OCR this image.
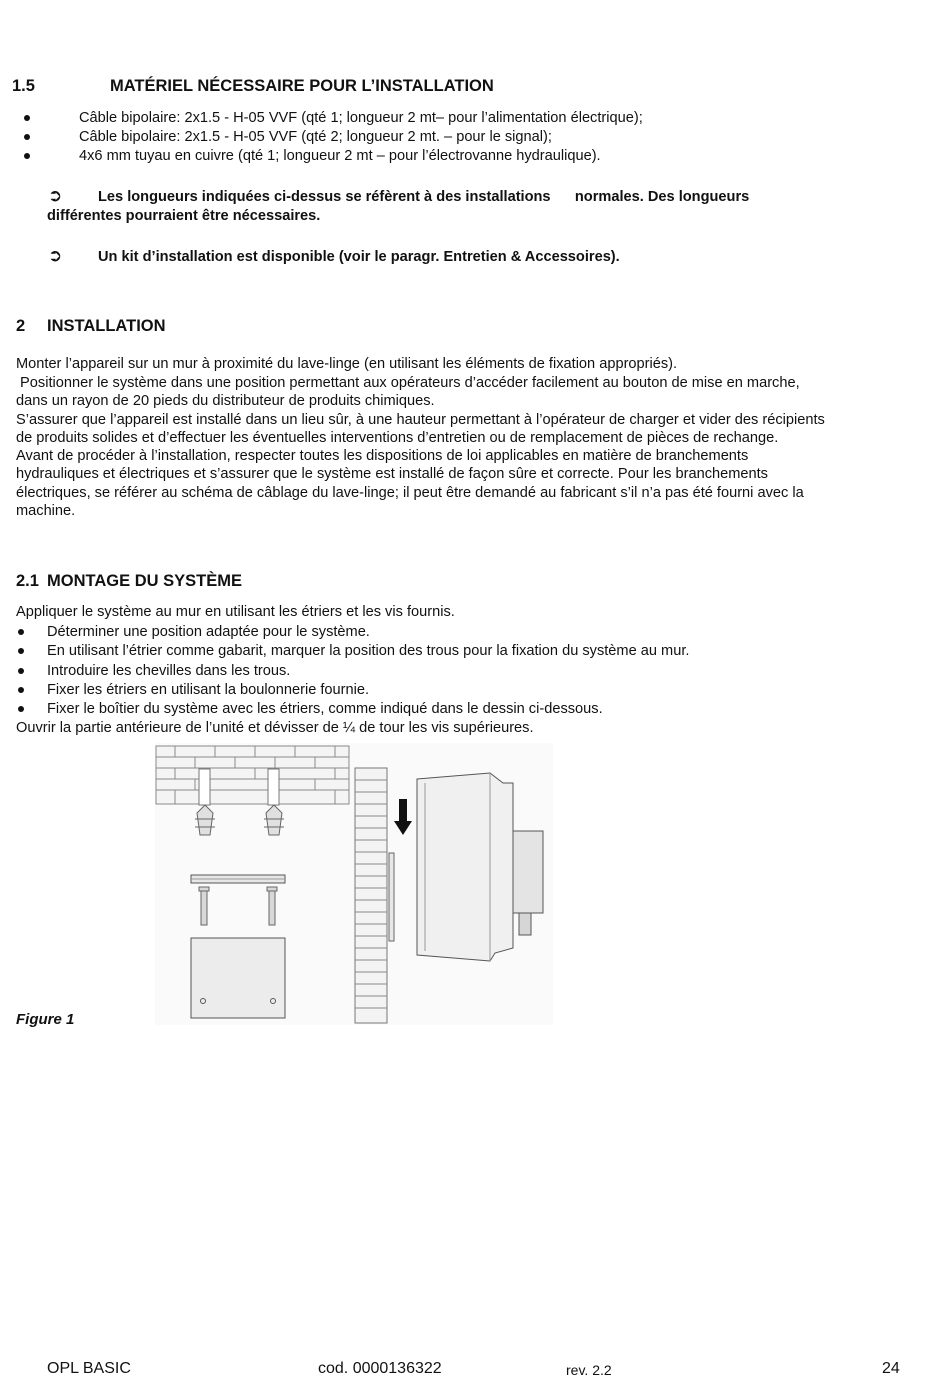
1.5	MATÉRIEL NÉCESSAIRE POUR L’INSTALLATION
Câble bipolaire: 2x1.5 - H-05 VVF (qté 1; longueur 2 mt– pour l’alimentation électrique);
Câble bipolaire: 2x1.5 - H-05 VVF (qté 2; longueur 2 mt. – pour le signal);
4x6 mm tuyau en cuivre (qté 1; longueur 2 mt – pour l’électrovanne hydraulique).
➲ Les longueurs indiquées ci-dessus se réfèrent à des installations      normales. Des longueurs
différentes pourraient être nécessaires.
➲ Un kit d’installation est disponible (voir le paragr. Entretien & Accessoires).
2 INSTALLATION

Monter l’appareil sur un mur à proximité du lave-linge (en utilisant les éléments de fixation appropriés).
Positionner le système dans une position permettant aux opérateurs d’accéder facilement au bouton de mise en marche,
dans un rayon de 20 pieds du distributeur de produits chimiques.
S’assurer que l’appareil est installé dans un lieu sûr, à une hauteur permettant à l’opérateur de charger et vider des récipients
de produits solides et d’effectuer les éventuelles interventions d’entretien ou de remplacement de pièces de rechange.

Avant de procéder à l’installation, respecter toutes les dispositions de loi applicables en matière de branchements
hydrauliques et électriques et s’assurer que le système est installé de façon sûre et correcte. Pour les branchements
électriques, se référer au schéma de câblage du lave-linge; il peut être demandé au fabricant s’il n’a pas été fourni avec la
machine.
2.1 MONTAGE DU SYSTÈME
Appliquer le système au mur en utilisant les étriers et les vis fournis.
Déterminer une position adaptée pour le système.
En utilisant l’étrier comme gabarit, marquer la position des trous pour la fixation du système au mur.
Introduire les chevilles dans les trous.
Fixer les étriers en utilisant la boulonnerie fournie.
Fixer le boîtier du système avec les étriers, comme indiqué dans le dessin ci-dessous.
Ouvrir la partie antérieure de l’unité et dévisser de ¼ de tour les vis supérieures.
Figure 1
OPL BASIC	cod. 0000136322	rev. 2.2	24
